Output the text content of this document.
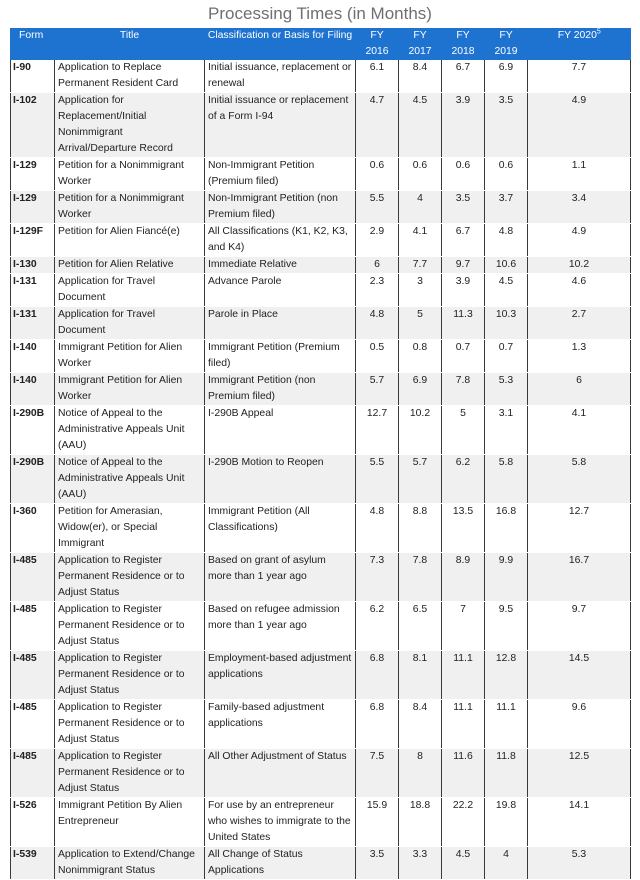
Processing Times (in Months)
Form	Title	Classification or Basis for Filing	FY 2016	FY 2017	FY 2018	FY 2019	FY 2020$^5$
I-90	Application to Replace Permanent Resident Card	Initial issuance, replacement or renewal	6.1	8.4	6.7	6.9	7.7
I-102	Application for Replacement/Initial Nonimmigrant Arrival/Departure Record	Initial issuance or replacement of a Form I-94	4.7	4.5	3.9	3.5	4.9
I-129	Petition for a Nonimmigrant Worker	Non-Immigrant Petition (Premium filed)	0.6	0.6	0.6	0.6	1.1
I-129	Petition for a Nonimmigrant Worker	Non-Immigrant Petition (non Premium filed)	5.5	4	3.5	3.7	3.4
I-129F	Petition for Alien Fiancé(e)	All Classifications (K1, K2, K3, and K4)	2.9	4.1	6.7	4.8	4.9
I-130	Petition for Alien Relative	Immediate Relative	6	7.7	9.7	10.6	10.2
I-131	Application for Travel Document	Advance Parole	2.3	3	3.9	4.5	4.6
I-131	Application for Travel Document	Parole in Place	4.8	5	11.3	10.3	2.7
I-140	Immigrant Petition for Alien Worker	Immigrant Petition (Premium filed)	0.5	0.8	0.7	0.7	1.3
I-140	Immigrant Petition for Alien Worker	Immigrant Petition (non Premium filed)	5.7	6.9	7.8	5.3	6
I-290B	Notice of Appeal to the Administrative Appeals Unit (AAU)	I-290B Appeal	12.7	10.2	5	3.1	4.1
I-290B	Notice of Appeal to the Administrative Appeals Unit (AAU)	I-290B Motion to Reopen	5.5	5.7	6.2	5.8	5.8
I-360	Petition for Amerasian, Widow(er), or Special Immigrant	Immigrant Petition (All Classifications)	4.8	8.8	13.5	16.8	12.7
I-485	Application to Register Permanent Residence or to Adjust Status	Based on grant of asylum more than 1 year ago	7.3	7.8	8.9	9.9	16.7
I-485	Application to Register Permanent Residence or to Adjust Status	Based on refugee admission more than 1 year ago	6.2	6.5	7	9.5	9.7
I-485	Application to Register Permanent Residence or to Adjust Status	Employment-based adjustment applications	6.8	8.1	11.1	12.8	14.5
I-485	Application to Register Permanent Residence or to Adjust Status	Family-based adjustment applications	6.8	8.4	11.1	11.1	9.6
I-485	Application to Register Permanent Residence or to Adjust Status	All Other Adjustment of Status	7.5	8	11.6	11.8	12.5
I-526	Immigrant Petition By Alien Entrepreneur	For use by an entrepreneur who wishes to immigrate to the United States	15.9	18.8	22.2	19.8	14.1
I-539	Application to Extend/Change Nonimmigrant Status	All Change of Status Applications	3.5	3.3	4.5	4	5.3
